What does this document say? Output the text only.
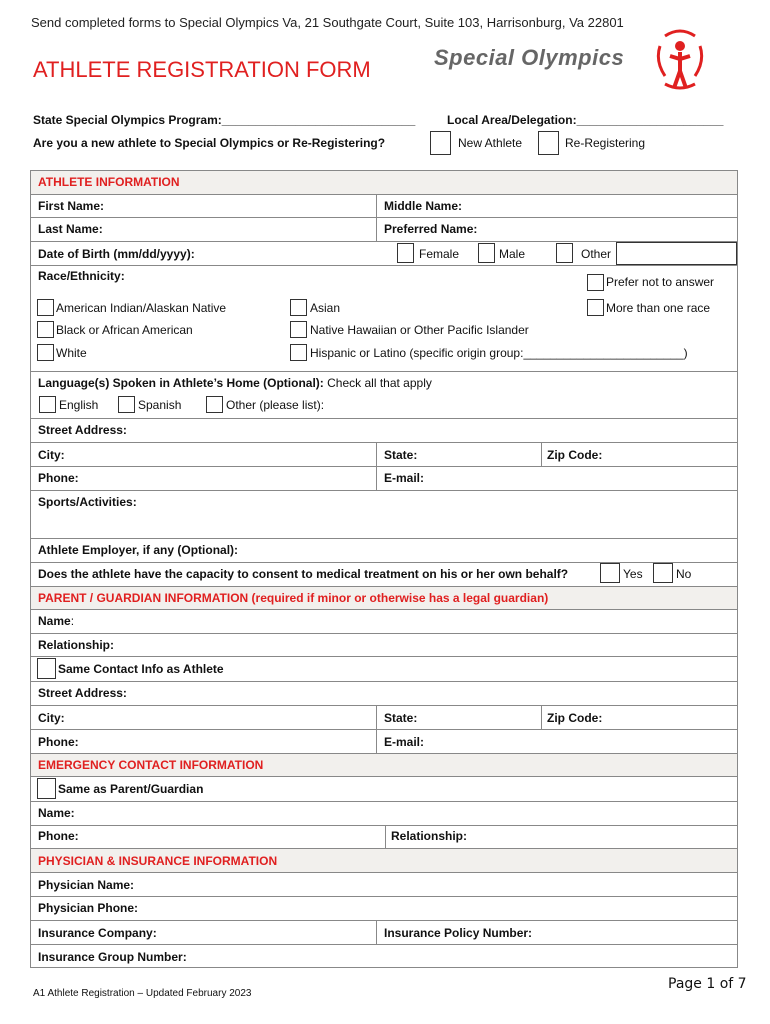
Send completed forms to Special Olympics Va, 21 Southgate Court, Suite 103, Harrisonburg, Va 22801
ATHLETE REGISTRATION FORM	Special Olympics
State Special Olympics Program:_____________________________	Local Area/Delegation:______________________
Are you a new athlete to Special Olympics or Re-Registering?	New Athlete	Re-Registering
ATHLETE INFORMATION
First Name:	Middle Name:
Last Name:	Preferred Name:
Date of Birth (mm/dd/yyyy):	Female	Male	Other
Race/Ethnicity:	Prefer not to answer
American Indian/Alaskan Native	Asian	More than one race
Black or African American	Native Hawaiian or Other Pacific Islander
White	Hispanic or Latino (specific origin group:________________________)
Language(s) Spoken in Athlete’s Home (Optional): Check all that apply
English	Spanish	Other (please list):
Street Address:
City:	State:	Zip Code:
Phone:	E-mail:
Sports/Activities:
Athlete Employer, if any (Optional):
Does the athlete have the capacity to consent to medical treatment on his or her own behalf?	Yes	No
PARENT / GUARDIAN INFORMATION (required if minor or otherwise has a legal guardian)
Name:
Relationship:
Same Contact Info as Athlete
Street Address:
City:	State:	Zip Code:
Phone:	E-mail:
EMERGENCY CONTACT INFORMATION
Same as Parent/Guardian
Name:
Phone:	Relationship:
PHYSICIAN & INSURANCE INFORMATION
Physician Name:
Physician Phone:
Insurance Company:	Insurance Policy Number:
Insurance Group Number:
A1 Athlete Registration – Updated February 2023
Page 1 of 7
